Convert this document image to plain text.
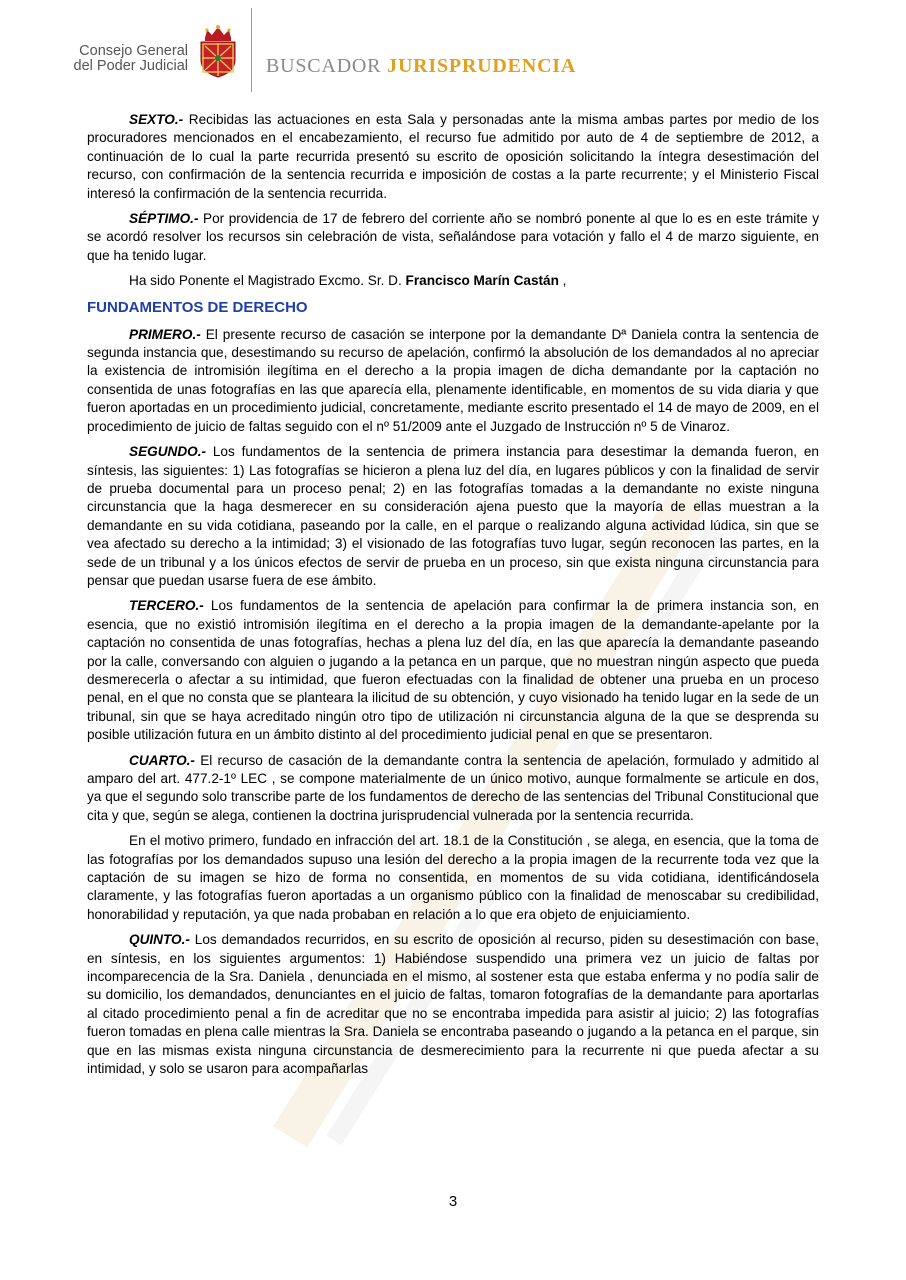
Consejo General
del Poder Judicial	BUSCADOR JURISPRUDENCIA

SEXTO.- Recibidas las actuaciones en esta Sala y personadas ante la misma ambas partes por medio de los procuradores mencionados en el encabezamiento, el recurso fue admitido por auto de 4 de septiembre de 2012, a continuación de lo cual la parte recurrida presentó su escrito de oposición solicitando la íntegra desestimación del recurso, con confirmación de la sentencia recurrida e imposición de costas a la parte recurrente; y el Ministerio Fiscal interesó la confirmación de la sentencia recurrida.

SÉPTIMO.- Por providencia de 17 de febrero del corriente año se nombró ponente al que lo es en este trámite y se acordó resolver los recursos sin celebración de vista, señalándose para votación y fallo el 4 de marzo siguiente, en que ha tenido lugar.

Ha sido Ponente el Magistrado Excmo. Sr. D. Francisco Marín Castán ,

FUNDAMENTOS DE DERECHO

PRIMERO.- El presente recurso de casación se interpone por la demandante Dª Daniela contra la sentencia de segunda instancia que, desestimando su recurso de apelación, confirmó la absolución de los demandados al no apreciar la existencia de intromisión ilegítima en el derecho a la propia imagen de dicha demandante por la captación no consentida de unas fotografías en las que aparecía ella, plenamente identificable, en momentos de su vida diaria y que fueron aportadas en un procedimiento judicial, concretamente, mediante escrito presentado el 14 de mayo de 2009, en el procedimiento de juicio de faltas seguido con el nº 51/2009 ante el Juzgado de Instrucción nº 5 de Vinaroz.

SEGUNDO.- Los fundamentos de la sentencia de primera instancia para desestimar la demanda fueron, en síntesis, las siguientes: 1) Las fotografías se hicieron a plena luz del día, en lugares públicos y con la finalidad de servir de prueba documental para un proceso penal; 2) en las fotografías tomadas a la demandante no existe ninguna circunstancia que la haga desmerecer en su consideración ajena puesto que la mayoría de ellas muestran a la demandante en su vida cotidiana, paseando por la calle, en el parque o realizando alguna actividad lúdica, sin que se vea afectado su derecho a la intimidad; 3) el visionado de las fotografías tuvo lugar, según reconocen las partes, en la sede de un tribunal y a los únicos efectos de servir de prueba en un proceso, sin que exista ninguna circunstancia para pensar que puedan usarse fuera de ese ámbito.

TERCERO.- Los fundamentos de la sentencia de apelación para confirmar la de primera instancia son, en esencia, que no existió intromisión ilegítima en el derecho a la propia imagen de la demandante-apelante por la captación no consentida de unas fotografías, hechas a plena luz del día, en las que aparecía la demandante paseando por la calle, conversando con alguien o jugando a la petanca en un parque, que no muestran ningún aspecto que pueda desmerecerla o afectar a su intimidad, que fueron efectuadas con la finalidad de obtener una prueba en un proceso penal, en el que no consta que se planteara la ilicitud de su obtención, y cuyo visionado ha tenido lugar en la sede de un tribunal, sin que se haya acreditado ningún otro tipo de utilización ni circunstancia alguna de la que se desprenda su posible utilización futura en un ámbito distinto al del procedimiento judicial penal en que se presentaron.

CUARTO.- El recurso de casación de la demandante contra la sentencia de apelación, formulado y admitido al amparo del art. 477.2-1º LEC , se compone materialmente de un único motivo, aunque formalmente se articule en dos, ya que el segundo solo transcribe parte de los fundamentos de derecho de las sentencias del Tribunal Constitucional que cita y que, según se alega, contienen la doctrina jurisprudencial vulnerada por la sentencia recurrida.

En el motivo primero, fundado en infracción del art. 18.1 de la Constitución , se alega, en esencia, que la toma de las fotografías por los demandados supuso una lesión del derecho a la propia imagen de la recurrente toda vez que la captación de su imagen se hizo de forma no consentida, en momentos de su vida cotidiana, identificándosela claramente, y las fotografías fueron aportadas a un organismo público con la finalidad de menoscabar su credibilidad, honorabilidad y reputación, ya que nada probaban en relación a lo que era objeto de enjuiciamiento.

QUINTO.- Los demandados recurridos, en su escrito de oposición al recurso, piden su desestimación con base, en síntesis, en los siguientes argumentos: 1) Habiéndose suspendido una primera vez un juicio de faltas por incomparecencia de la Sra. Daniela , denunciada en el mismo, al sostener esta que estaba enferma y no podía salir de su domicilio, los demandados, denunciantes en el juicio de faltas, tomaron fotografías de la demandante para aportarlas al citado procedimiento penal a fin de acreditar que no se encontraba impedida para asistir al juicio; 2) las fotografías fueron tomadas en plena calle mientras la Sra. Daniela se encontraba paseando o jugando a la petanca en el parque, sin que en las mismas exista ninguna circunstancia de desmerecimiento para la recurrente ni que pueda afectar a su intimidad, y solo se usaron para acompañarlas

3
